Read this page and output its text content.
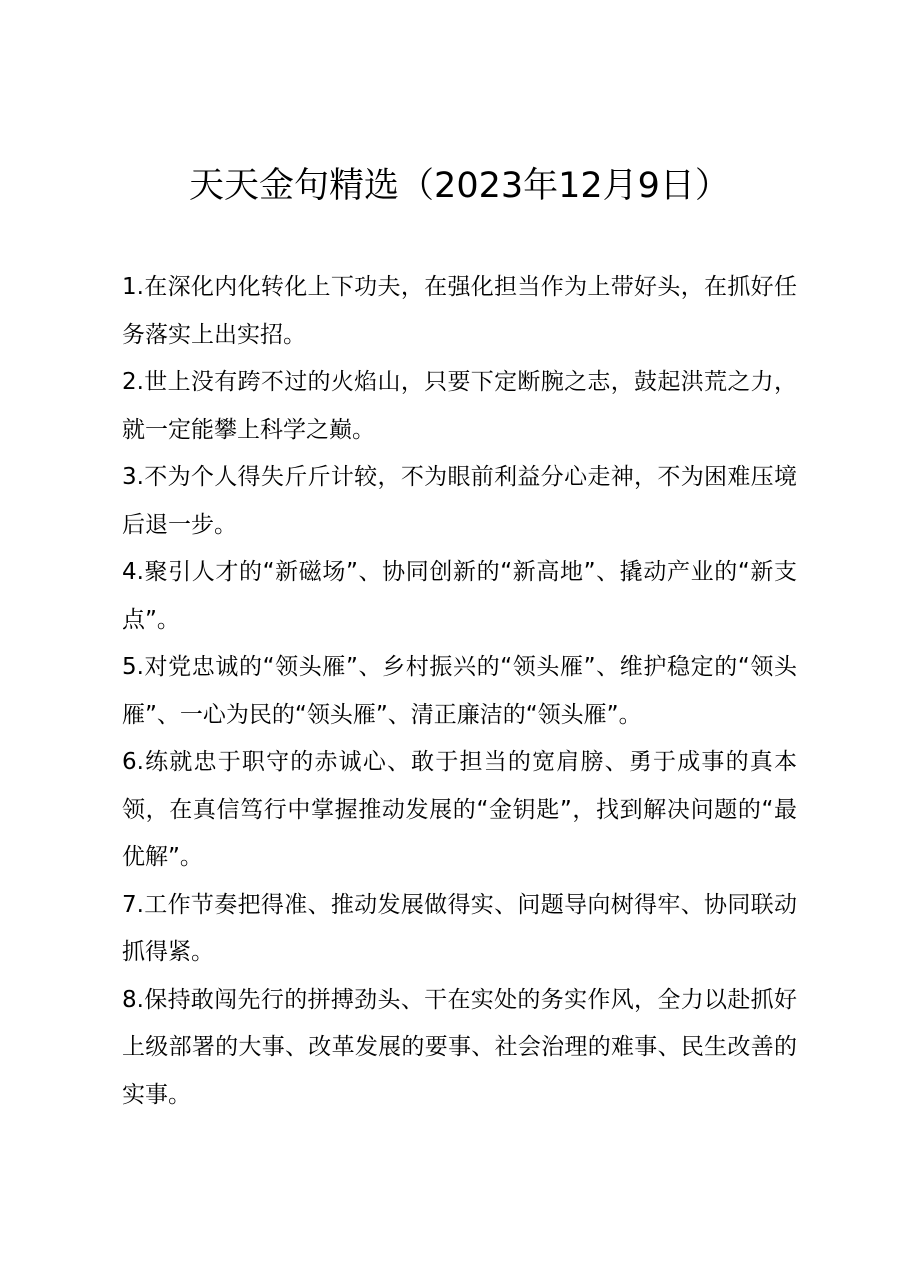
天天金句精选（2023年12月9日）
1.在深化内化转化上下功夫，在强化担当作为上带好头，在抓好任务落实上出实招。
2.世上没有跨不过的火焰山，只要下定断腕之志，鼓起洪荒之力，就一定能攀上科学之巅。
3.不为个人得失斤斤计较，不为眼前利益分心走神，不为困难压境后退一步。
4.聚引人才的“新磁场”、协同创新的“新高地”、撬动产业的“新支点”。
5.对党忠诚的“领头雁”、乡村振兴的“领头雁”、维护稳定的“领头雁”、一心为民的“领头雁”、清正廉洁的“领头雁”。
6.练就忠于职守的赤诚心、敢于担当的宽肩膀、勇于成事的真本领，在真信笃行中掌握推动发展的“金钥匙”，找到解决问题的“最优解”。
7.工作节奏把得准、推动发展做得实、问题导向树得牢、协同联动抓得紧。
8.保持敢闯先行的拼搏劲头、干在实处的务实作风，全力以赴抓好上级部署的大事、改革发展的要事、社会治理的难事、民生改善的实事。
